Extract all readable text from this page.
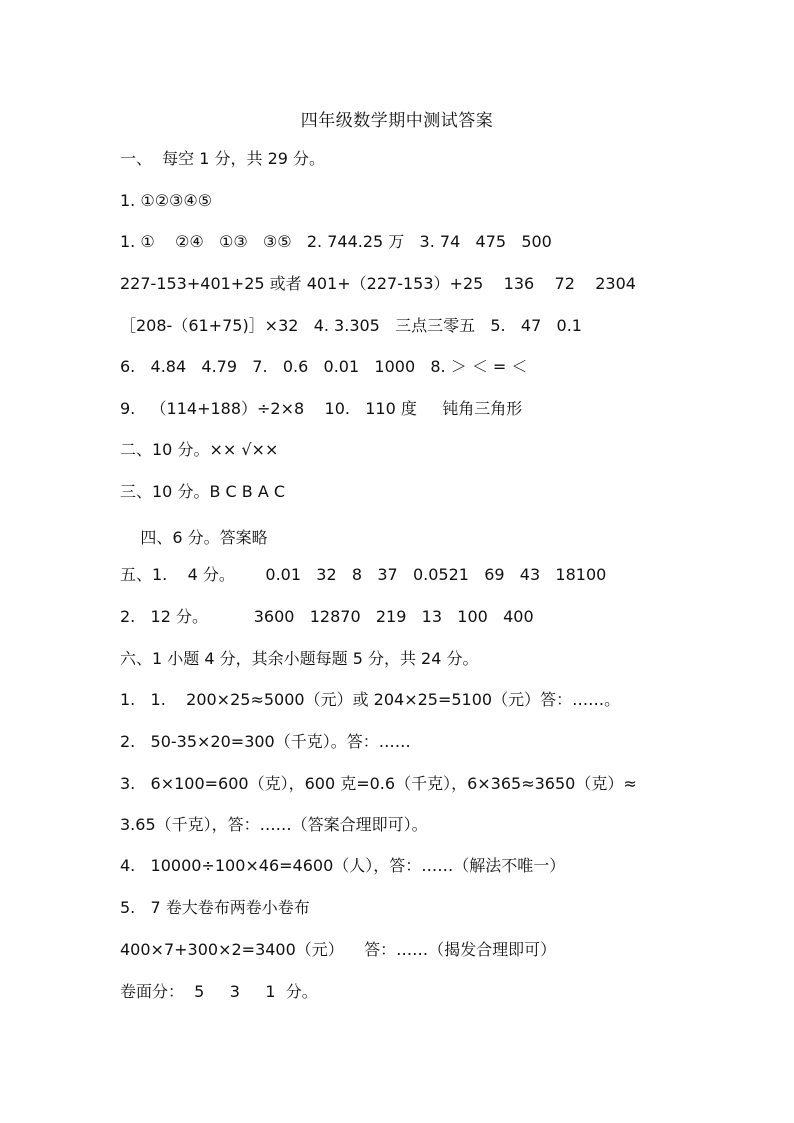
四年级数学期中测试答案
一、  每空 1 分，共 29 分。
1. ①②③④⑤
1. ①    ②④   ①③   ③⑤   2. 744.25 万   3. 74   475   500
227-153+401+25 或者 401+（227-153）+25    136    72    2304
［208-（61+75)］×32   4. 3.305   三点三零五   5.   47   0.1
6.   4.84   4.79   7.   0.6   0.01   1000   8. ＞ ＜ = ＜
9.   （114+188）÷2×8    10.   110 度     钝角三角形
二、10 分。×× √××
三、10 分。B C B A C
四、6 分。答案略
五、1.    4 分。      0.01   32   8   37   0.0521   69   43   18100
2.   12 分。         3600   12870   219   13   100   400
六、1 小题 4 分，其余小题每题 5 分，共 24 分。
1.   1.    200×25≈5000（元）或 204×25=5100（元）答：……。
2.   50-35×20=300（千克）。答：……
3.   6×100=600（克），600 克=0.6（千克），6×365≈3650（克）≈
3.65（千克），答：……（答案合理即可）。
4.   10000÷100×46=4600（人），答：……（解法不唯一）
5.   7 卷大卷布两卷小卷布
400×7+300×2=3400（元）    答：……（揭发合理即可）
卷面分：  5     3     1  分。
